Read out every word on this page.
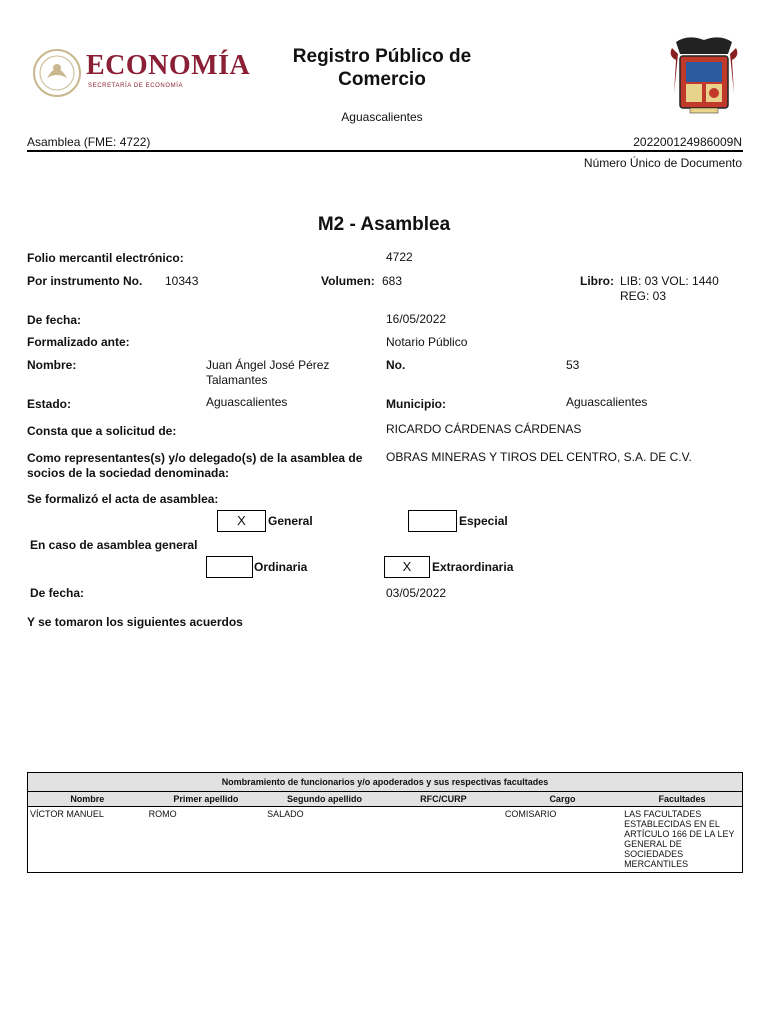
ECONOMÍA
SECRETARÍA DE ECONOMÍA
Registro Público de
Comercio
Aguascalientes
Asamblea (FME: 4722)	202200124986009N
Número Único de Documento
M2 - Asamblea
Folio mercantil electrónico:	4722
Por instrumento No. 10343	Volumen: 683	Libro: LIB: 03 VOL: 1440
REG: 03
De fecha:	16/05/2022
Formalizado ante:	Notario Público
Nombre:	Juan Ángel José Pérez
Talamantes
No.	53
Estado:	Aguascalientes	Municipio:	Aguascalientes
Consta que a solicitud de:	RICARDO CÁRDENAS CÁRDENAS
Como representantes(s) y/o delegado(s) de la asamblea de
socios de la sociedad denominada:
OBRAS MINERAS Y TIROS DEL CENTRO, S.A. DE C.V.
Se formalizó el acta de asamblea:
X	General	Especial
En caso de asamblea general
Ordinaria	X	Extraordinaria
De fecha:	03/05/2022
Y se tomaron los siguientes acuerdos
Nombramiento de funcionarios y/o apoderados y sus respectivas facultades					
Nombre	Primer apellido	Segundo apellido	RFC/CURP	Cargo	Facultades
VÍCTOR MANUEL	ROMO	SALADO		COMISARIO	LAS FACULTADES ESTABLECIDAS EN EL ARTÍCULO 166 DE LA LEY GENERAL DE SOCIEDADES MERCANTILES
